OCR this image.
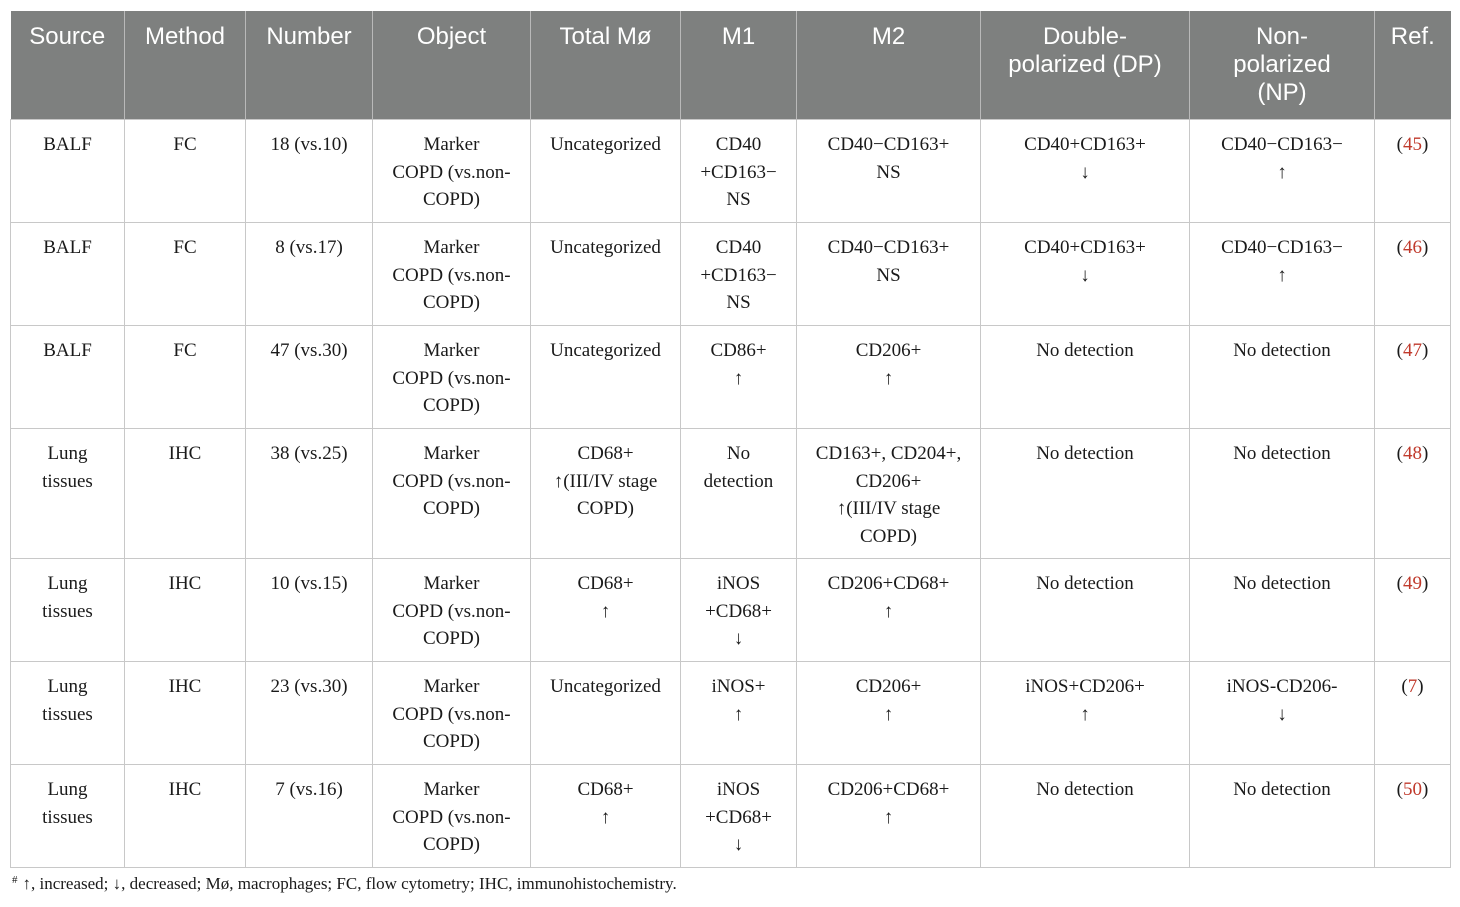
Source	Method	Number	Object	Total Mø	M1	M2	Double-
polarized (DP)	Non-
polarized
(NP)	Ref.

BALF	FC	18 (vs.10)	Marker
COPD (vs.non-
COPD)	Uncategorized	CD40
+CD163−
NS	CD40−CD163+
NS	CD40+CD163+
↓	CD40−CD163−
↑	(45)

BALF	FC	8 (vs.17)	Marker
COPD (vs.non-
COPD)	Uncategorized	CD40
+CD163−
NS	CD40−CD163+
NS	CD40+CD163+
↓	CD40−CD163−
↑	(46)

BALF	FC	47 (vs.30)	Marker
COPD (vs.non-
COPD)	Uncategorized	CD86+
↑	CD206+
↑	No detection	No detection	(47)

Lung
tissues	IHC	38 (vs.25)	Marker
COPD (vs.non-
COPD)	CD68+
↑(III/IV stage
COPD)	No
detection	CD163+, CD204+,
CD206+
↑(III/IV stage
COPD)	No detection	No detection	(48)

Lung
tissues	IHC	10 (vs.15)	Marker
COPD (vs.non-
COPD)	CD68+
↑	iNOS
+CD68+
↓	CD206+CD68+
↑	No detection	No detection	(49)

Lung
tissues	IHC	23 (vs.30)	Marker
COPD (vs.non-
COPD)	Uncategorized	iNOS+
↑	CD206+
↑	iNOS+CD206+
↑	iNOS-CD206-
↓	(7)

Lung
tissues	IHC	7 (vs.16)	Marker
COPD (vs.non-
COPD)	CD68+
↑	iNOS
+CD68+
↓	CD206+CD68+
↑	No detection	No detection	(50)
# ↑, increased; ↓, decreased; Mø, macrophages; FC, flow cytometry; IHC, immunohistochemistry.
